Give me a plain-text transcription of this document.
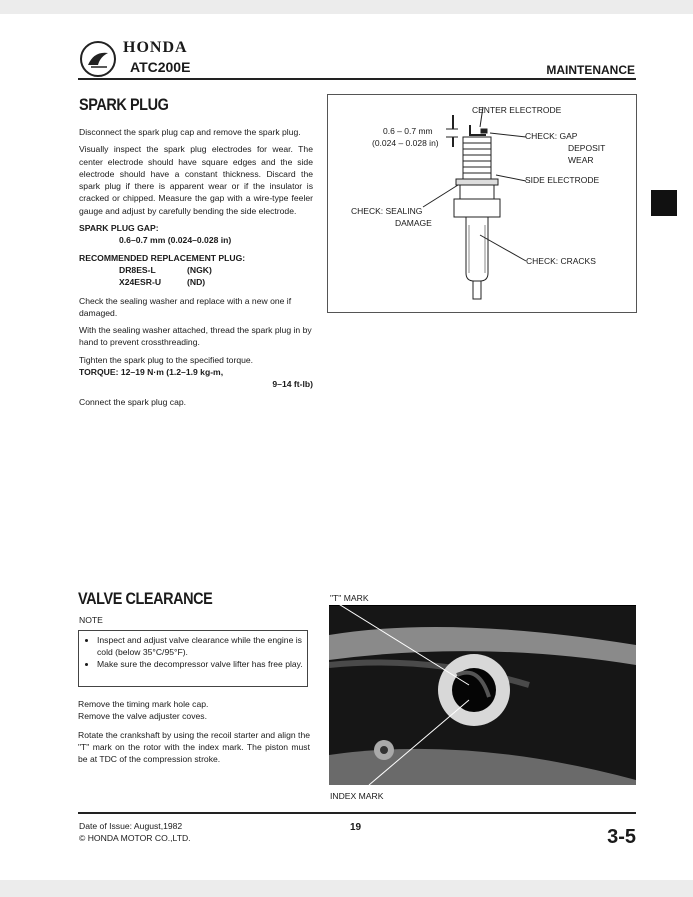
HONDA
ATC200E	MAINTENANCE
SPARK PLUG
Disconnect the spark plug cap and remove the spark plug.
Visually inspect the spark plug electrodes for wear. The center electrode should have square edges and the side electrode should have a constant thickness. Discard the spark plug if there is apparent wear or if the insulator is cracked or chipped. Measure the gap with a wire-type feeler gauge and adjust by carefully bending the side electrode.
SPARK PLUG GAP:
0.6–0.7 mm (0.024–0.028 in)
RECOMMENDED REPLACEMENT PLUG:
DR8ES-L	(NGK)
X24ESR-U	(ND)
Check the sealing washer and replace with a new one if damaged.
With the sealing washer attached, thread the spark plug in by hand to prevent crossthreading.
Tighten the spark plug to the specified torque.
TORQUE: 12–19 N·m (1.2–1.9 kg-m,
9–14 ft-lb)
Connect the spark plug cap.
CENTER ELECTRODE
0.6 – 0.7 mm
(0.024 – 0.028 in)
CHECK: GAP
DEPOSIT
WEAR
SIDE ELECTRODE
CHECK: SEALING
DAMAGE
CHECK: CRACKS
VALVE CLEARANCE
NOTE
• Inspect and adjust valve clearance while the engine is cold (below 35°C/95°F).
• Make sure the decompressor valve lifter has free play.
Remove the timing mark hole cap.
Remove the valve adjuster coves.
Rotate the crankshaft by using the recoil starter and align the "T" mark on the rotor with the index mark. The piston must be at TDC of the compression stroke.
"T" MARK
INDEX MARK
Date of Issue: August,1982
© HONDA MOTOR CO.,LTD.
19	3-5
